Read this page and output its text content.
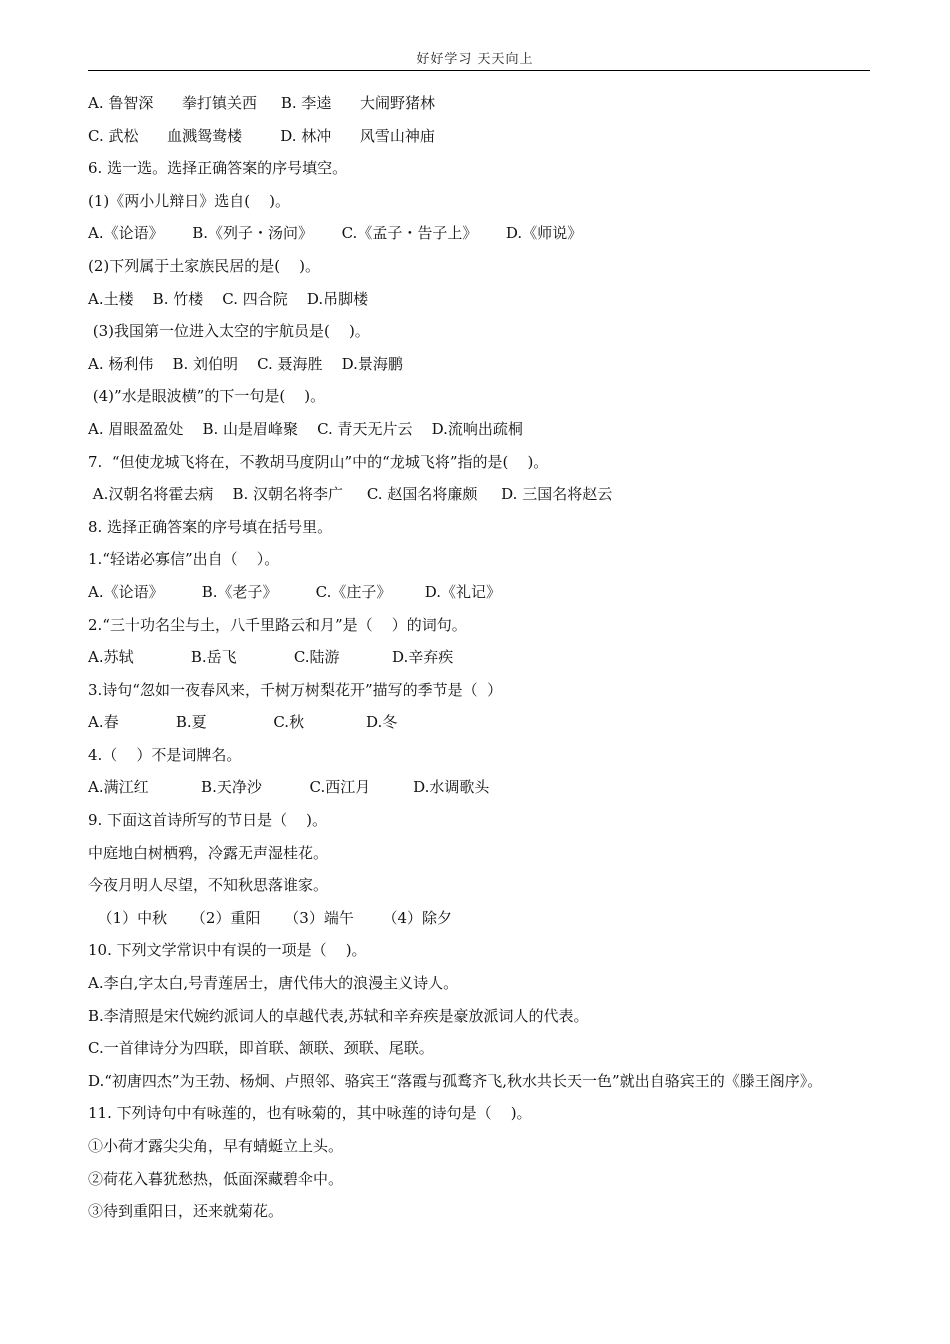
好好学习 天天向上
A. 鲁智深      拳打镇关西     B. 李逵      大闹野猪林
C. 武松      血溅鸳鸯楼        D. 林冲      风雪山神庙
6. 选一选。选择正确答案的序号填空。
(1)《两小儿辩日》选自(    )。
A.《论语》      B.《列子・汤问》      C.《孟子・告子上》      D.《师说》
(2)下列属于土家族民居的是(    )。
A.土楼    B. 竹楼    C. 四合院    D.吊脚楼
(3)我国第一位进入太空的宇航员是(    )。
A. 杨利伟    B. 刘伯明    C. 聂海胜    D.景海鹏
(4)”水是眼波横”的下一句是(    )。
A. 眉眼盈盈处    B. 山是眉峰聚    C. 青天无片云    D.流响出疏桐
7.  “但使龙城飞将在，不教胡马度阴山”中的“龙城飞将”指的是(    )。
A.汉朝名将霍去病    B. 汉朝名将李广     C. 赵国名将廉颇     D. 三国名将赵云
8. 选择正确答案的序号填在括号里。
1.“轻诺必寡信”出自（    ）。
A.《论语》        B.《老子》        C.《庄子》       D.《礼记》
2.“三十功名尘与土，八千里路云和月”是（    ）的词句。
A.苏轼            B.岳飞            C.陆游           D.辛弃疾
3.诗句“忽如一夜春风来，千树万树梨花开”描写的季节是（  ）
A.春            B.夏              C.秋             D.冬
4.（    ）不是词牌名。
A.满江红           B.天净沙          C.西江月         D.水调歌头
9. 下面这首诗所写的节日是（    )。
中庭地白树栖鸦，冷露无声湿桂花。
今夜月明人尽望，不知秋思落谁家。
（1）中秋     （2）重阳     （3）端午      （4）除夕
10. 下列文学常识中有误的一项是（    )。
A.李白,字太白,号青莲居士，唐代伟大的浪漫主义诗人。
B.李清照是宋代婉约派词人的卓越代表,苏轼和辛弃疾是豪放派词人的代表。
C.一首律诗分为四联，即首联、颔联、颈联、尾联。
D.“初唐四杰”为王勃、杨炯、卢照邻、骆宾王“落霞与孤鹜齐飞,秋水共长天一色”就出自骆宾王的《滕王阁序》。
11. 下列诗句中有咏莲的，也有咏菊的，其中咏莲的诗句是（    )。
①小荷才露尖尖角，早有蜻蜓立上头。
②荷花入暮犹愁热，低面深藏碧伞中。
③待到重阳日，还来就菊花。
